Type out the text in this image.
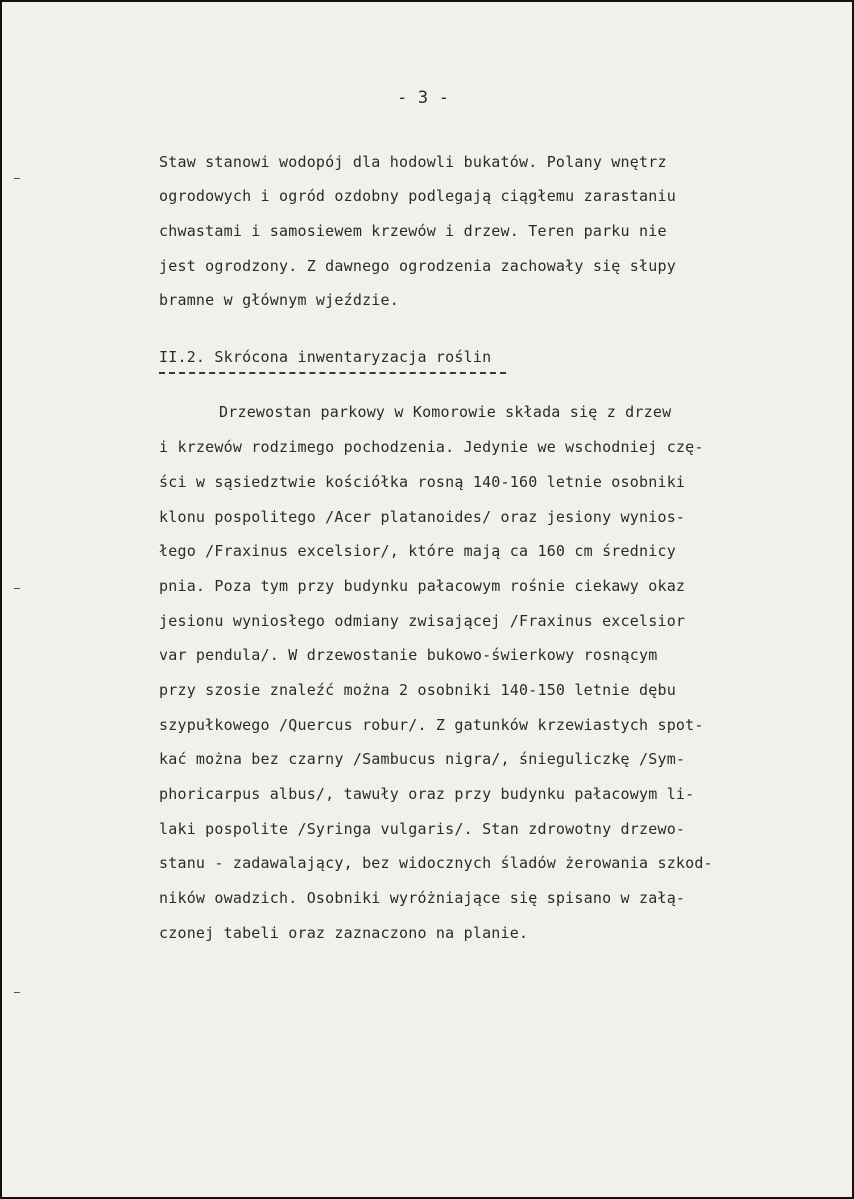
- 3 -
Staw stanowi wodopój dla hodowli bukatów. Polany wnętrz
ogrodowych i ogród ozdobny podlegają ciągłemu zarastaniu
chwastami i samosiewem krzewów i drzew. Teren parku nie
jest ogrodzony. Z dawnego ogrodzenia zachowały się słupy
bramne w głównym wjeździe.
II.2. Skrócona inwentaryzacja roślin
Drzewostan parkowy w Komorowie składa się z drzew
i krzewów rodzimego pochodzenia. Jedynie we wschodniej czę-
ści w sąsiedztwie kościółka rosną 140-160 letnie osobniki
klonu pospolitego /Acer platanoides/ oraz jesiony wynios-
łego /Fraxinus excelsior/, które mają ca 160 cm średnicy
pnia. Poza tym przy budynku pałacowym rośnie ciekawy okaz
jesionu wyniosłego odmiany zwisającej /Fraxinus excelsior
var pendula/. W drzewostanie bukowo-świerkowy rosnącym
przy szosie znaleźć można 2 osobniki 140-150 letnie dębu
szypułkowego /Quercus robur/. Z gatunków krzewiastych spot-
kać można bez czarny /Sambucus nigra/, śnieguliczkę /Sym-
phoricarpus albus/, tawuły oraz przy budynku pałacowym li-
laki pospolite /Syringa vulgaris/. Stan zdrowotny drzewo-
stanu - zadawalający, bez widocznych śladów żerowania szkod-
ników owadzich. Osobniki wyróżniające się spisano w załą-
czonej tabeli oraz zaznaczono na planie.
